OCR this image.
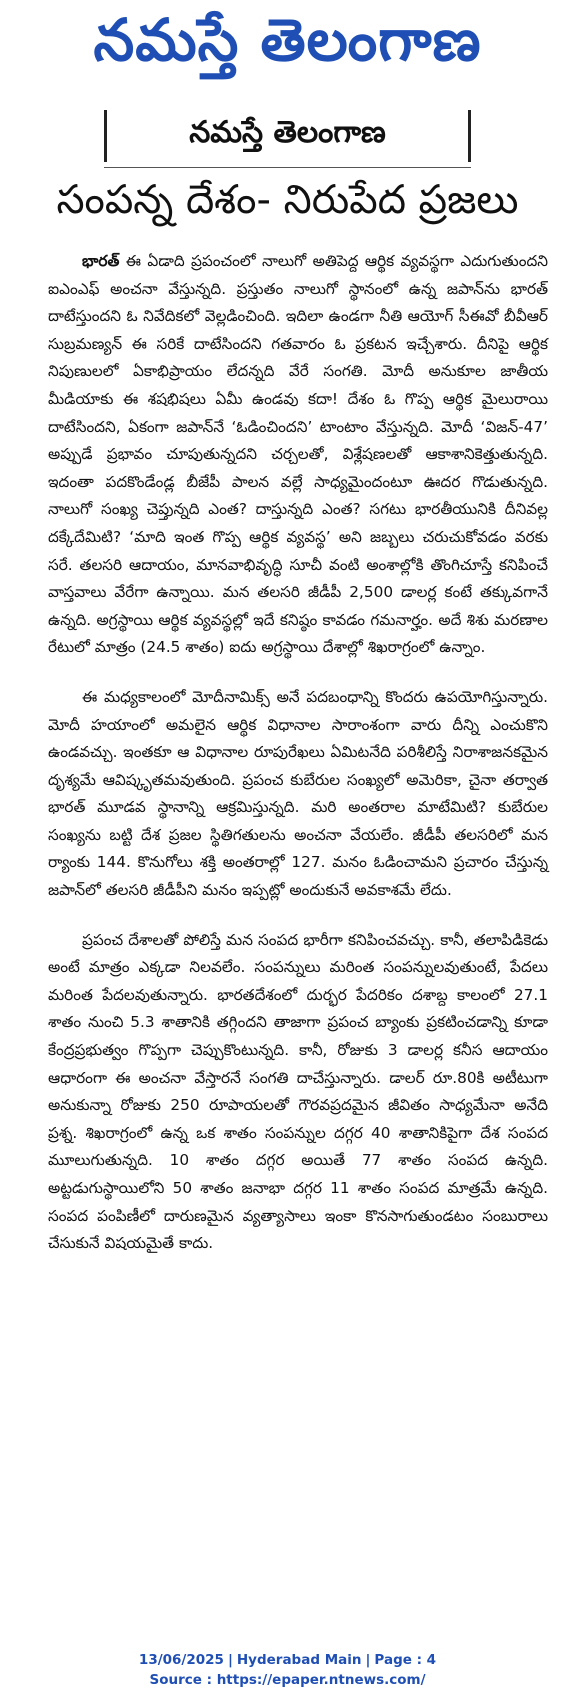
నమస్తే తెలంగాణ
నమస్తే తెలంగాణ
సంపన్న దేశం- నిరుపేద ప్రజలు

భారత్ ఈ ఏడాది ప్రపంచంలో నాలుగో అతిపెద్ద ఆర్థిక వ్యవస్థగా ఎదుగుతుందని ఐఎంఎఫ్ అంచనా వేస్తున్నది. ప్రస్తుతం నాలుగో స్థానంలో ఉన్న జపాన్‌ను భారత్ దాటేస్తుందని ఓ నివేదికలో వెల్లడించింది. ఇదిలా ఉండగా నీతి ఆయోగ్ సీఈవో బీవీఆర్ సుబ్రమణ్యన్ ఈ సరికే దాటేసిందని గతవారం ఓ ప్రకటన ఇచ్చేశారు. దీనిపై ఆర్థిక నిపుణులలో ఏకాభిప్రాయం లేదన్నది వేరే సంగతి. మోదీ అనుకూల జాతీయ మీడియాకు ఈ శషభిషలు ఏమీ ఉండవు కదా! దేశం ఓ గొప్ప ఆర్థిక మైలురాయి దాటేసిందని, ఏకంగా జపాన్‌నే ‘ఓడించిందని’ టాంటాం వేస్తున్నది. మోదీ ‘విజన్-47’ అప్పుడే ప్రభావం చూపుతున్నదని చర్చలతో, విశ్లేషణలతో ఆకాశానికెత్తుతున్నది. ఇదంతా పదకొండేండ్ల బీజేపీ పాలన వల్లే సాధ్యమైందంటూ ఊదర గొడుతున్నది. నాలుగో సంఖ్య చెప్తున్నది ఎంత? దాస్తున్నది ఎంత? సగటు భారతీయునికి దీనివల్ల దక్కేదేమిటి? ‘మాది ఇంత గొప్ప ఆర్థిక వ్యవస్థ’ అని జబ్బలు చరుచుకోవడం వరకు సరే. తలసరి ఆదాయం, మానవాభివృద్ధి సూచీ వంటి అంశాల్లోకి తొంగిచూస్తే కనిపించే వాస్తవాలు వేరేగా ఉన్నాయి. మన తలసరి జీడీపీ 2,500 డాలర్ల కంటే తక్కువగానే ఉన్నది. అగ్రస్థాయి ఆర్థిక వ్యవస్థల్లో ఇదే కనిష్ఠం కావడం గమనార్హం. అదే శిశు మరణాల రేటులో మాత్రం (24.5 శాతం) ఐదు అగ్రస్థాయి దేశాల్లో శిఖరాగ్రంలో ఉన్నాం.

ఈ మధ్యకాలంలో మోదీనామిక్స్ అనే పదబంధాన్ని కొందరు ఉపయోగిస్తున్నారు. మోదీ హయాంలో అమలైన ఆర్థిక విధానాల సారాంశంగా వారు దీన్ని ఎంచుకొని ఉండవచ్చు. ఇంతకూ ఆ విధానాల రూపురేఖలు ఏమిటనేది పరిశీలిస్తే నిరాశాజనకమైన దృశ్యమే ఆవిష్కృతమవుతుంది. ప్రపంచ కుబేరుల సంఖ్యలో అమెరికా, చైనా తర్వాత భారత్ మూడవ స్థానాన్ని ఆక్రమిస్తున్నది. మరి అంతరాల మాటేమిటి? కుబేరుల సంఖ్యను బట్టి దేశ ప్రజల స్థితిగతులను అంచనా వేయలేం. జీడీపీ తలసరిలో మన ర్యాంకు 144. కొనుగోలు శక్తి అంతరాల్లో 127. మనం ఓడించామని ప్రచారం చేస్తున్న జపాన్‌లో తలసరి జీడీపీని మనం ఇప్పట్లో అందుకునే అవకాశమే లేదు.

ప్రపంచ దేశాలతో పోలిస్తే మన సంపద భారీగా కనిపించవచ్చు. కానీ, తలాపిడికెడు అంటే మాత్రం ఎక్కడా నిలవలేం. సంపన్నులు మరింత సంపన్నులవుతుంటే, పేదలు మరింత పేదలవుతున్నారు. భారతదేశంలో దుర్భర పేదరికం దశాబ్ద కాలంలో 27.1 శాతం నుంచి 5.3 శాతానికి తగ్గిందని తాజాగా ప్రపంచ బ్యాంకు ప్రకటించడాన్ని కూడా కేంద్రప్రభుత్వం గొప్పగా చెప్పుకొంటున్నది. కానీ, రోజుకు 3 డాలర్ల కనీస ఆదాయం ఆధారంగా ఈ అంచనా వేస్తారనే సంగతి దాచేస్తున్నారు. డాలర్ రూ.80కి అటీటుగా అనుకున్నా రోజుకు 250 రూపాయలతో గౌరవప్రదమైన జీవితం సాధ్యమేనా అనేది ప్రశ్న. శిఖరాగ్రంలో ఉన్న ఒక శాతం సంపన్నుల దగ్గర 40 శాతానికిపైగా దేశ సంపద మూలుగుతున్నది. 10 శాతం దగ్గర అయితే 77 శాతం సంపద ఉన్నది. అట్టడుగుస్థాయిలోని 50 శాతం జనాభా దగ్గర 11 శాతం సంపద మాత్రమే ఉన్నది. సంపద పంపిణీలో దారుణమైన వ్యత్యాసాలు ఇంకా కొనసాగుతుండటం సంబురాలు చేసుకునే విషయమైతే కాదు.

13/06/2025 | Hyderabad Main | Page : 4
Source : https://epaper.ntnews.com/
